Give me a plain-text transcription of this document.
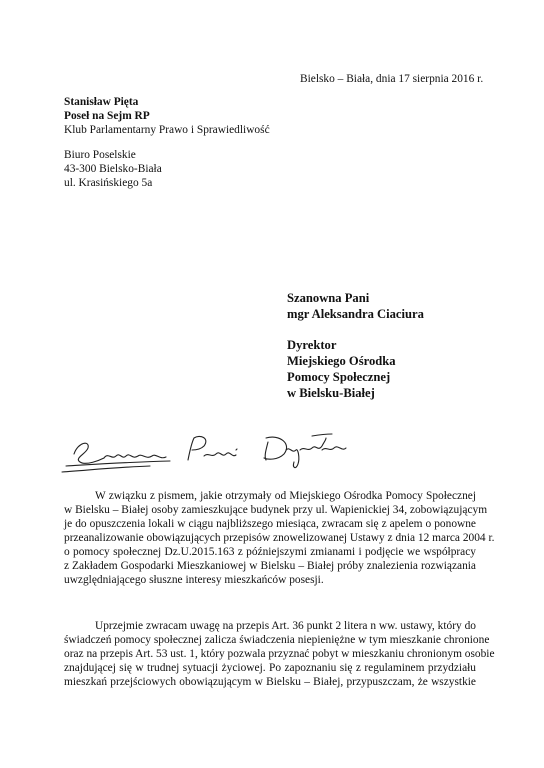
Bielsko – Biała, dnia 17 sierpnia 2016 r.
Stanisław Pięta
Poseł na Sejm RP
Klub Parlamentarny Prawo i Sprawiedliwość
Biuro Poselskie
43-300 Bielsko-Biała
ul. Krasińskiego 5a
Szanowna Pani
mgr Aleksandra Ciaciura
Dyrektor
Miejskiego Ośrodka
Pomocy Społecznej
w Bielsku-Białej
W związku z pismem, jakie otrzymały od Miejskiego Ośrodka Pomocy Społecznej
w Bielsku – Białej osoby zamieszkujące budynek przy ul. Wapienickiej 34, zobowiązującym
je do opuszczenia lokali w ciągu najbliższego miesiąca, zwracam się z apelem o ponowne
przeanalizowanie obowiązujących przepisów znowelizowanej Ustawy z dnia 12 marca 2004 r.
o pomocy społecznej Dz.U.2015.163 z późniejszymi zmianami i podjęcie we współpracy
z Zakładem Gospodarki Mieszkaniowej w Bielsku – Białej próby znalezienia rozwiązania
uwzględniającego słuszne interesy mieszkańców posesji.
Uprzejmie zwracam uwagę na przepis Art. 36 punkt 2 litera n ww. ustawy, który do
świadczeń pomocy społecznej zalicza świadczenia niepieniężne w tym mieszkanie chronione
oraz na przepis Art. 53 ust. 1, który pozwala przyznać pobyt w mieszkaniu chronionym osobie
znajdującej się w trudnej sytuacji życiowej. Po zapoznaniu się z regulaminem przydziału
mieszkań przejściowych obowiązującym w Bielsku – Białej, przypuszczam, że wszystkie
